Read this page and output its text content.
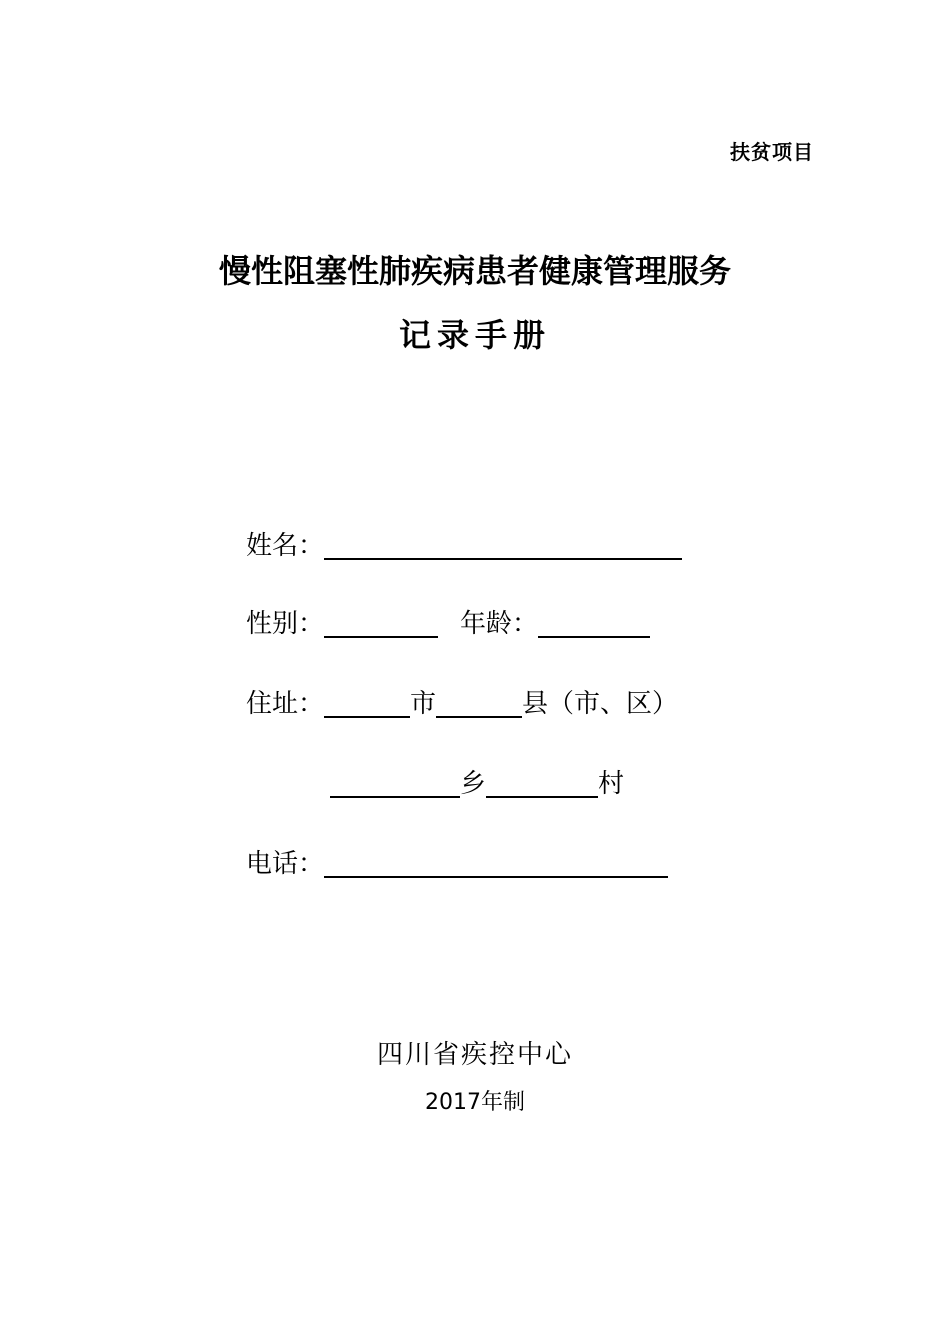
扶贫项目
慢性阻塞性肺疾病患者健康管理服务
记录手册
姓名：
性别：	年龄：
住址：	市	县（市、区）
乡	村
电话：
四川省疾控中心
2017年制
